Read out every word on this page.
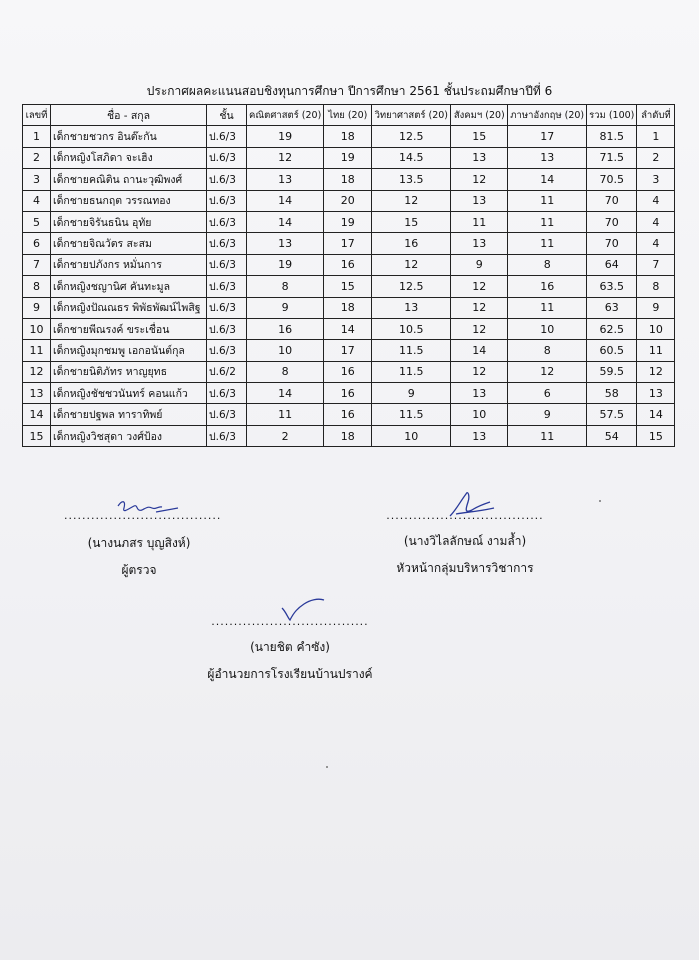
ประกาศผลคะแนนสอบชิงทุนการศึกษา ปีการศึกษา 2561 ชั้นประถมศึกษาปีที่ 6
เลขที่	ชื่อ - สกุล	ชั้น	คณิตศาสตร์ (20)	ไทย (20)	วิทยาศาสตร์ (20)	สังคมฯ (20)	ภาษาอังกฤษ (20)	รวม (100)	ลำดับที่
1	เด็กชายชวกร อินต๊ะกัน	ป.6/3	19	18	12.5	15	17	81.5	1
2	เด็กหญิงโสภิดา จะเฮิง	ป.6/3	12	19	14.5	13	13	71.5	2
3	เด็กชายคณิติน ถานะวุฒิพงศ์	ป.6/3	13	18	13.5	12	14	70.5	3
4	เด็กชายธนกฤต วรรณทอง	ป.6/3	14	20	12	13	11	70	4
5	เด็กชายจิรันธนิน อุทัย	ป.6/3	14	19	15	11	11	70	4
6	เด็กชายจิณวัตร สะสม	ป.6/3	13	17	16	13	11	70	4
7	เด็กชายปภังกร หมั่นการ	ป.6/3	19	16	12	9	8	64	7
8	เด็กหญิงชญานิศ คันทะมูล	ป.6/3	8	15	12.5	12	16	63.5	8
9	เด็กหญิงปัณณธร พิพัธพัฒน์ไพสิฐ	ป.6/3	9	18	13	12	11	63	9
10	เด็กชายพีณรงค์ ขระเชื่อน	ป.6/3	16	14	10.5	12	10	62.5	10
11	เด็กหญิงมุกชมพู เอกอนันต์กุล	ป.6/3	10	17	11.5	14	8	60.5	11
12	เด็กชายนิติภัทร หาญยุทธ	ป.6/2	8	16	11.5	12	12	59.5	12
13	เด็กหญิงชัชชวนันทร์ คอนแก้ว	ป.6/3	14	16	9	13	6	58	13
14	เด็กชายปฐพล ทาราทิพย์	ป.6/3	11	16	11.5	10	9	57.5	14
15	เด็กหญิงวิชสุดา วงศ์ป้อง	ป.6/3	2	18	10	13	11	54	15
...................................
(นางนภสร บุญสิงห์)
ผู้ตรวจ
...................................
(นางวิไลลักษณ์ งามล้ำ)
หัวหน้ากลุ่มบริหารวิชาการ
...................................
(นายชิต คำซัง)
ผู้อำนวยการโรงเรียนบ้านปรางค์
